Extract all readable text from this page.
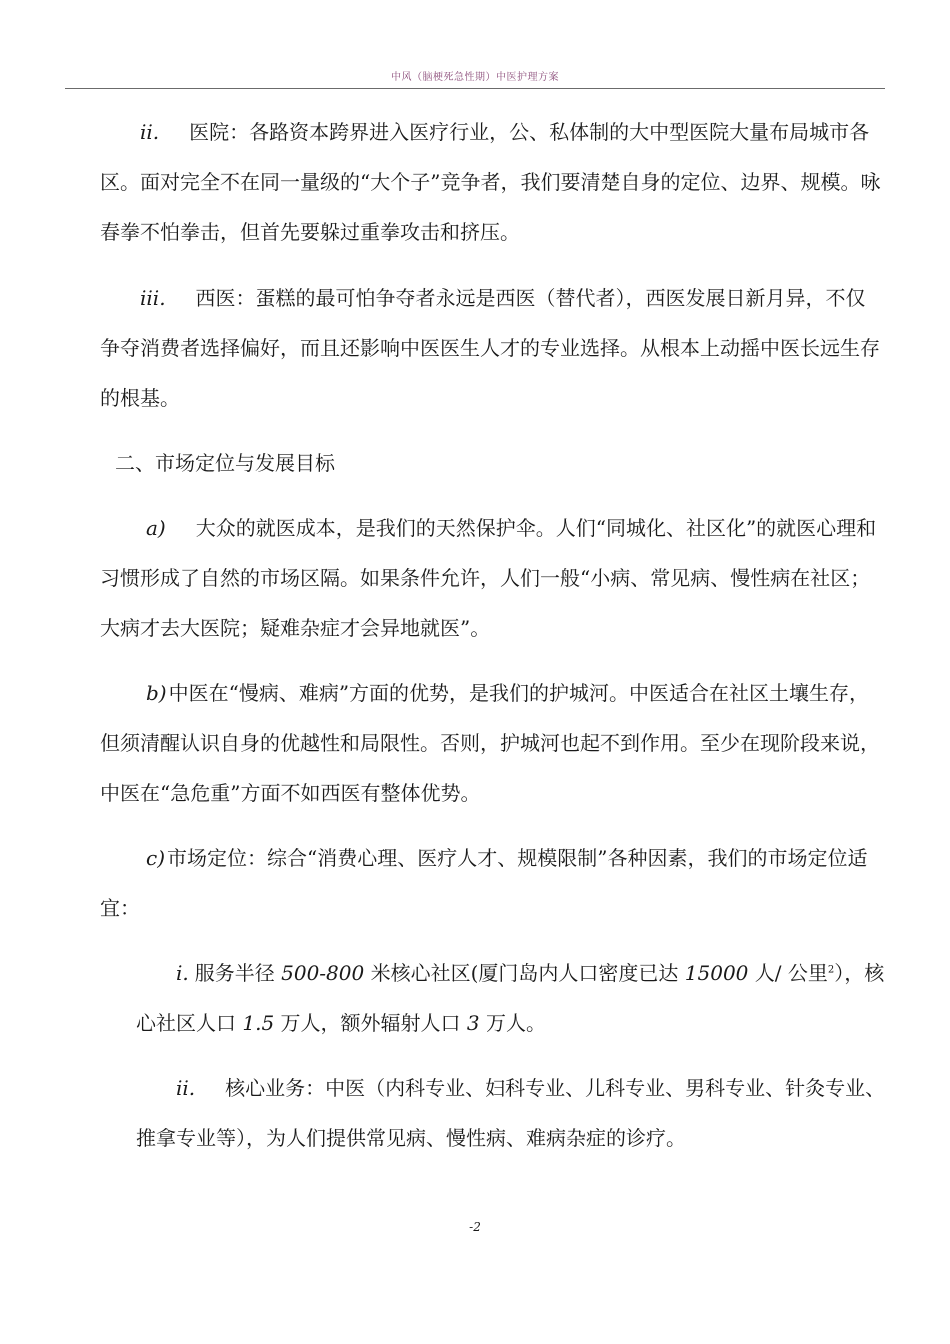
中风（脑梗死急性期）中医护理方案

ii. 医院：各路资本跨界进入医疗行业，公、私体制的大中型医院大量布局城市各区。面对完全不在同一量级的“大个子”竞争者，我们要清楚自身的定位、边界、规模。咏春拳不怕拳击，但首先要躲过重拳攻击和挤压。

iii. 西医：蛋糕的最可怕争夺者永远是西医（替代者），西医发展日新月异，不仅争夺消费者选择偏好，而且还影响中医医生人才的专业选择。从根本上动摇中医长远生存的根基。

二、市场定位与发展目标

a) 大众的就医成本，是我们的天然保护伞。人们“同城化、社区化”的就医心理和习惯形成了自然的市场区隔。如果条件允许，人们一般“小病、常见病、慢性病在社区；大病才去大医院；疑难杂症才会异地就医”。

b) 中医在“慢病、难病”方面的优势，是我们的护城河。中医适合在社区土壤生存，但须清醒认识自身的优越性和局限性。否则，护城河也起不到作用。至少在现阶段来说，中医在“急危重”方面不如西医有整体优势。

c) 市场定位：综合“消费心理、医疗人才、规模限制”各种因素，我们的市场定位适宜：

i. 服务半径 500-800 米核心社区(厦门岛内人口密度已达 15000 人/ 公里$^2$），核心社区人口 1.5 万人，额外辐射人口 3 万人。

ii. 核心业务：中医（内科专业、妇科专业、儿科专业、男科专业、针灸专业、推拿专业等），为人们提供常见病、慢性病、难病杂症的诊疗。

-2
